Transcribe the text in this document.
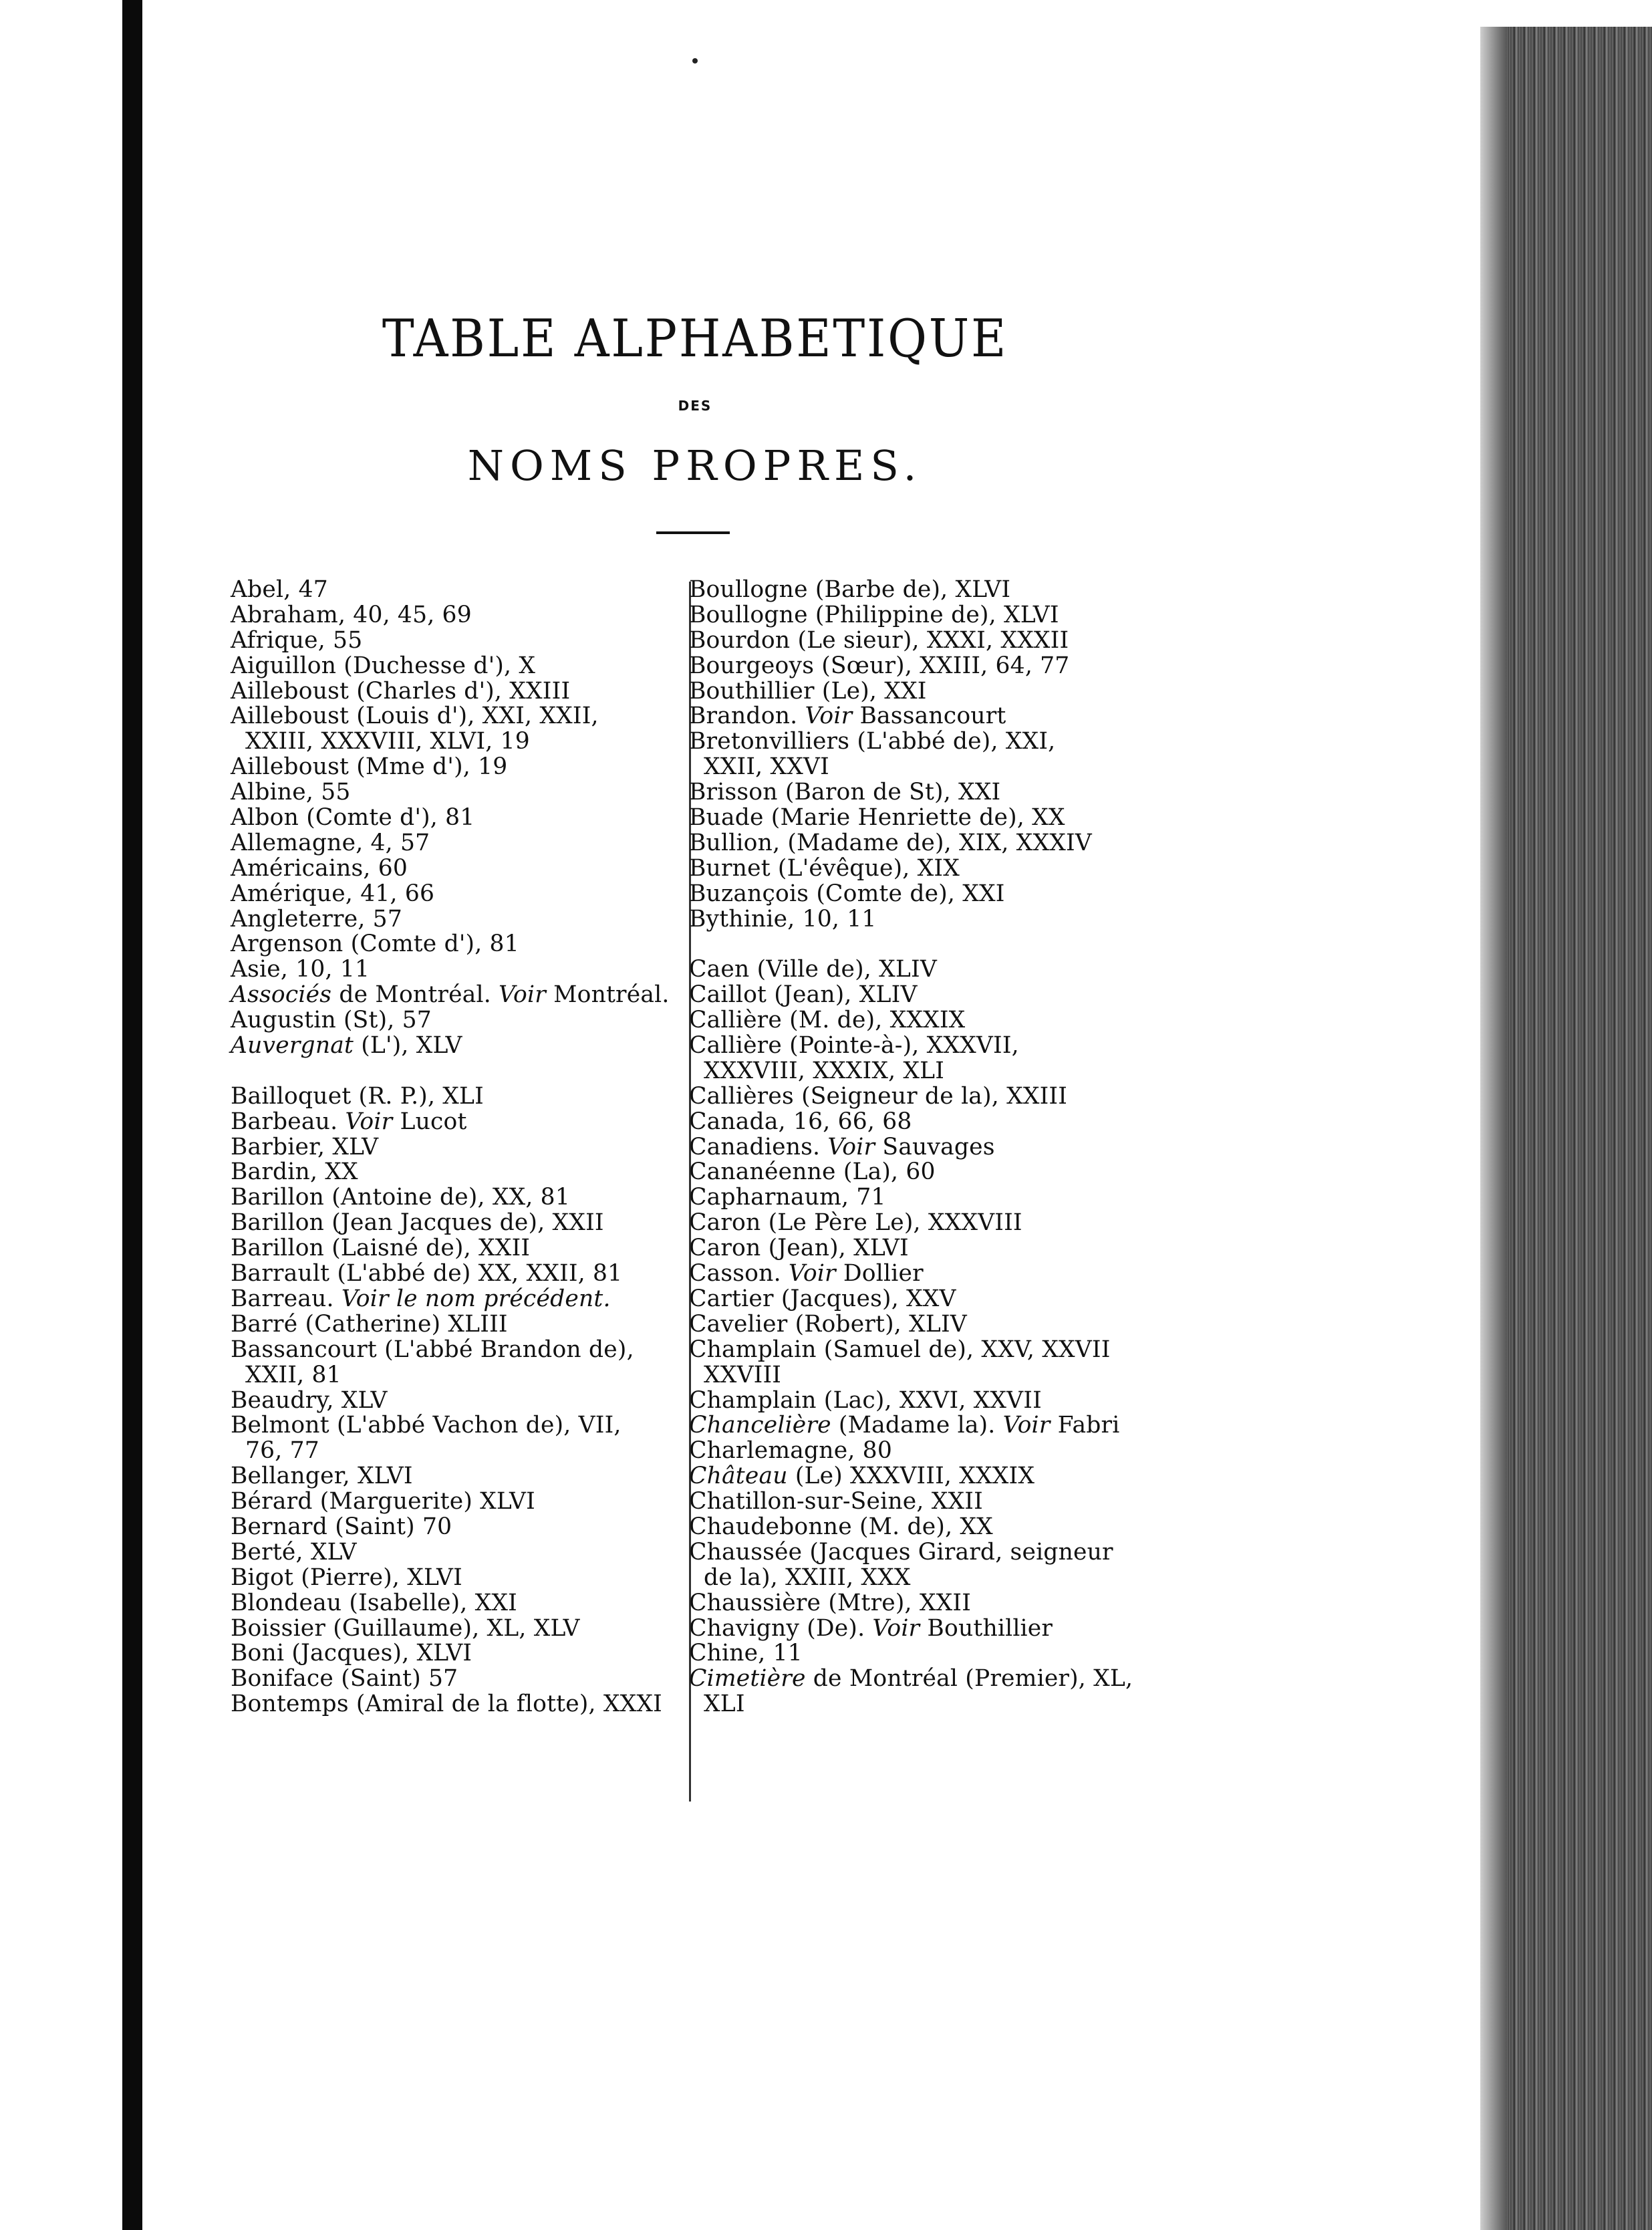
TABLE ALPHABETIQUE
DES
NOMS PROPRES.
Abel, 47
Abraham, 40, 45, 69
Afrique, 55
Aiguillon (Duchesse d'), X
Ailleboust (Charles d'), XXIII
Ailleboust (Louis d'), XXI, XXII,
XXIII, XXXVIII, XLVI, 19
Ailleboust (Mme d'), 19
Albine, 55
Albon (Comte d'), 81
Allemagne, 4, 57
Américains, 60
Amérique, 41, 66
Angleterre, 57
Argenson (Comte d'), 81
Asie, 10, 11
Associés de Montréal. Voir Montréal.
Augustin (St), 57
Auvergnat (L'), XLV
Bailloquet (R. P.), XLI
Barbeau. Voir Lucot
Barbier, XLV
Bardin, XX
Barillon (Antoine de), XX, 81
Barillon (Jean Jacques de), XXII
Barillon (Laisné de), XXII
Barrault (L'abbé de) XX, XXII, 81
Barreau. Voir le nom précédent.
Barré (Catherine) XLIII
Bassancourt (L'abbé Brandon de),
XXII, 81
Beaudry, XLV
Belmont (L'abbé Vachon de), VII,
76, 77
Bellanger, XLVI
Bérard (Marguerite) XLVI
Bernard (Saint) 70
Berté, XLV
Bigot (Pierre), XLVI
Blondeau (Isabelle), XXI
Boissier (Guillaume), XL, XLV
Boni (Jacques), XLVI
Boniface (Saint) 57
Bontemps (Amiral de la flotte), XXXI
Boullogne (Barbe de), XLVI
Boullogne (Philippine de), XLVI
Bourdon (Le sieur), XXXI, XXXII
Bourgeoys (Sœur), XXIII, 64, 77
Bouthillier (Le), XXI
Brandon. Voir Bassancourt
Bretonvilliers (L'abbé de), XXI,
XXII, XXVI
Brisson (Baron de St), XXI
Buade (Marie Henriette de), XX
Bullion, (Madame de), XIX, XXXIV
Burnet (L'évêque), XIX
Buzançois (Comte de), XXI
Bythinie, 10, 11
Caen (Ville de), XLIV
Caillot (Jean), XLIV
Callière (M. de), XXXIX
Callière (Pointe-à-), XXXVII,
XXXVIII, XXXIX, XLI
Callières (Seigneur de la), XXIII
Canada, 16, 66, 68
Canadiens. Voir Sauvages
Cananéenne (La), 60
Capharnaum, 71
Caron (Le Père Le), XXXVIII
Caron (Jean), XLVI
Casson. Voir Dollier
Cartier (Jacques), XXV
Cavelier (Robert), XLIV
Champlain (Samuel de), XXV, XXVII
XXVIII
Champlain (Lac), XXVI, XXVII
Chancelière (Madame la). Voir Fabri
Charlemagne, 80
Château (Le) XXXVIII, XXXIX
Chatillon-sur-Seine, XXII
Chaudebonne (M. de), XX
Chaussée (Jacques Girard, seigneur
de la), XXIII, XXX
Chaussière (Mtre), XXII
Chavigny (De). Voir Bouthillier
Chine, 11
Cimetière de Montréal (Premier), XL,
XLI
